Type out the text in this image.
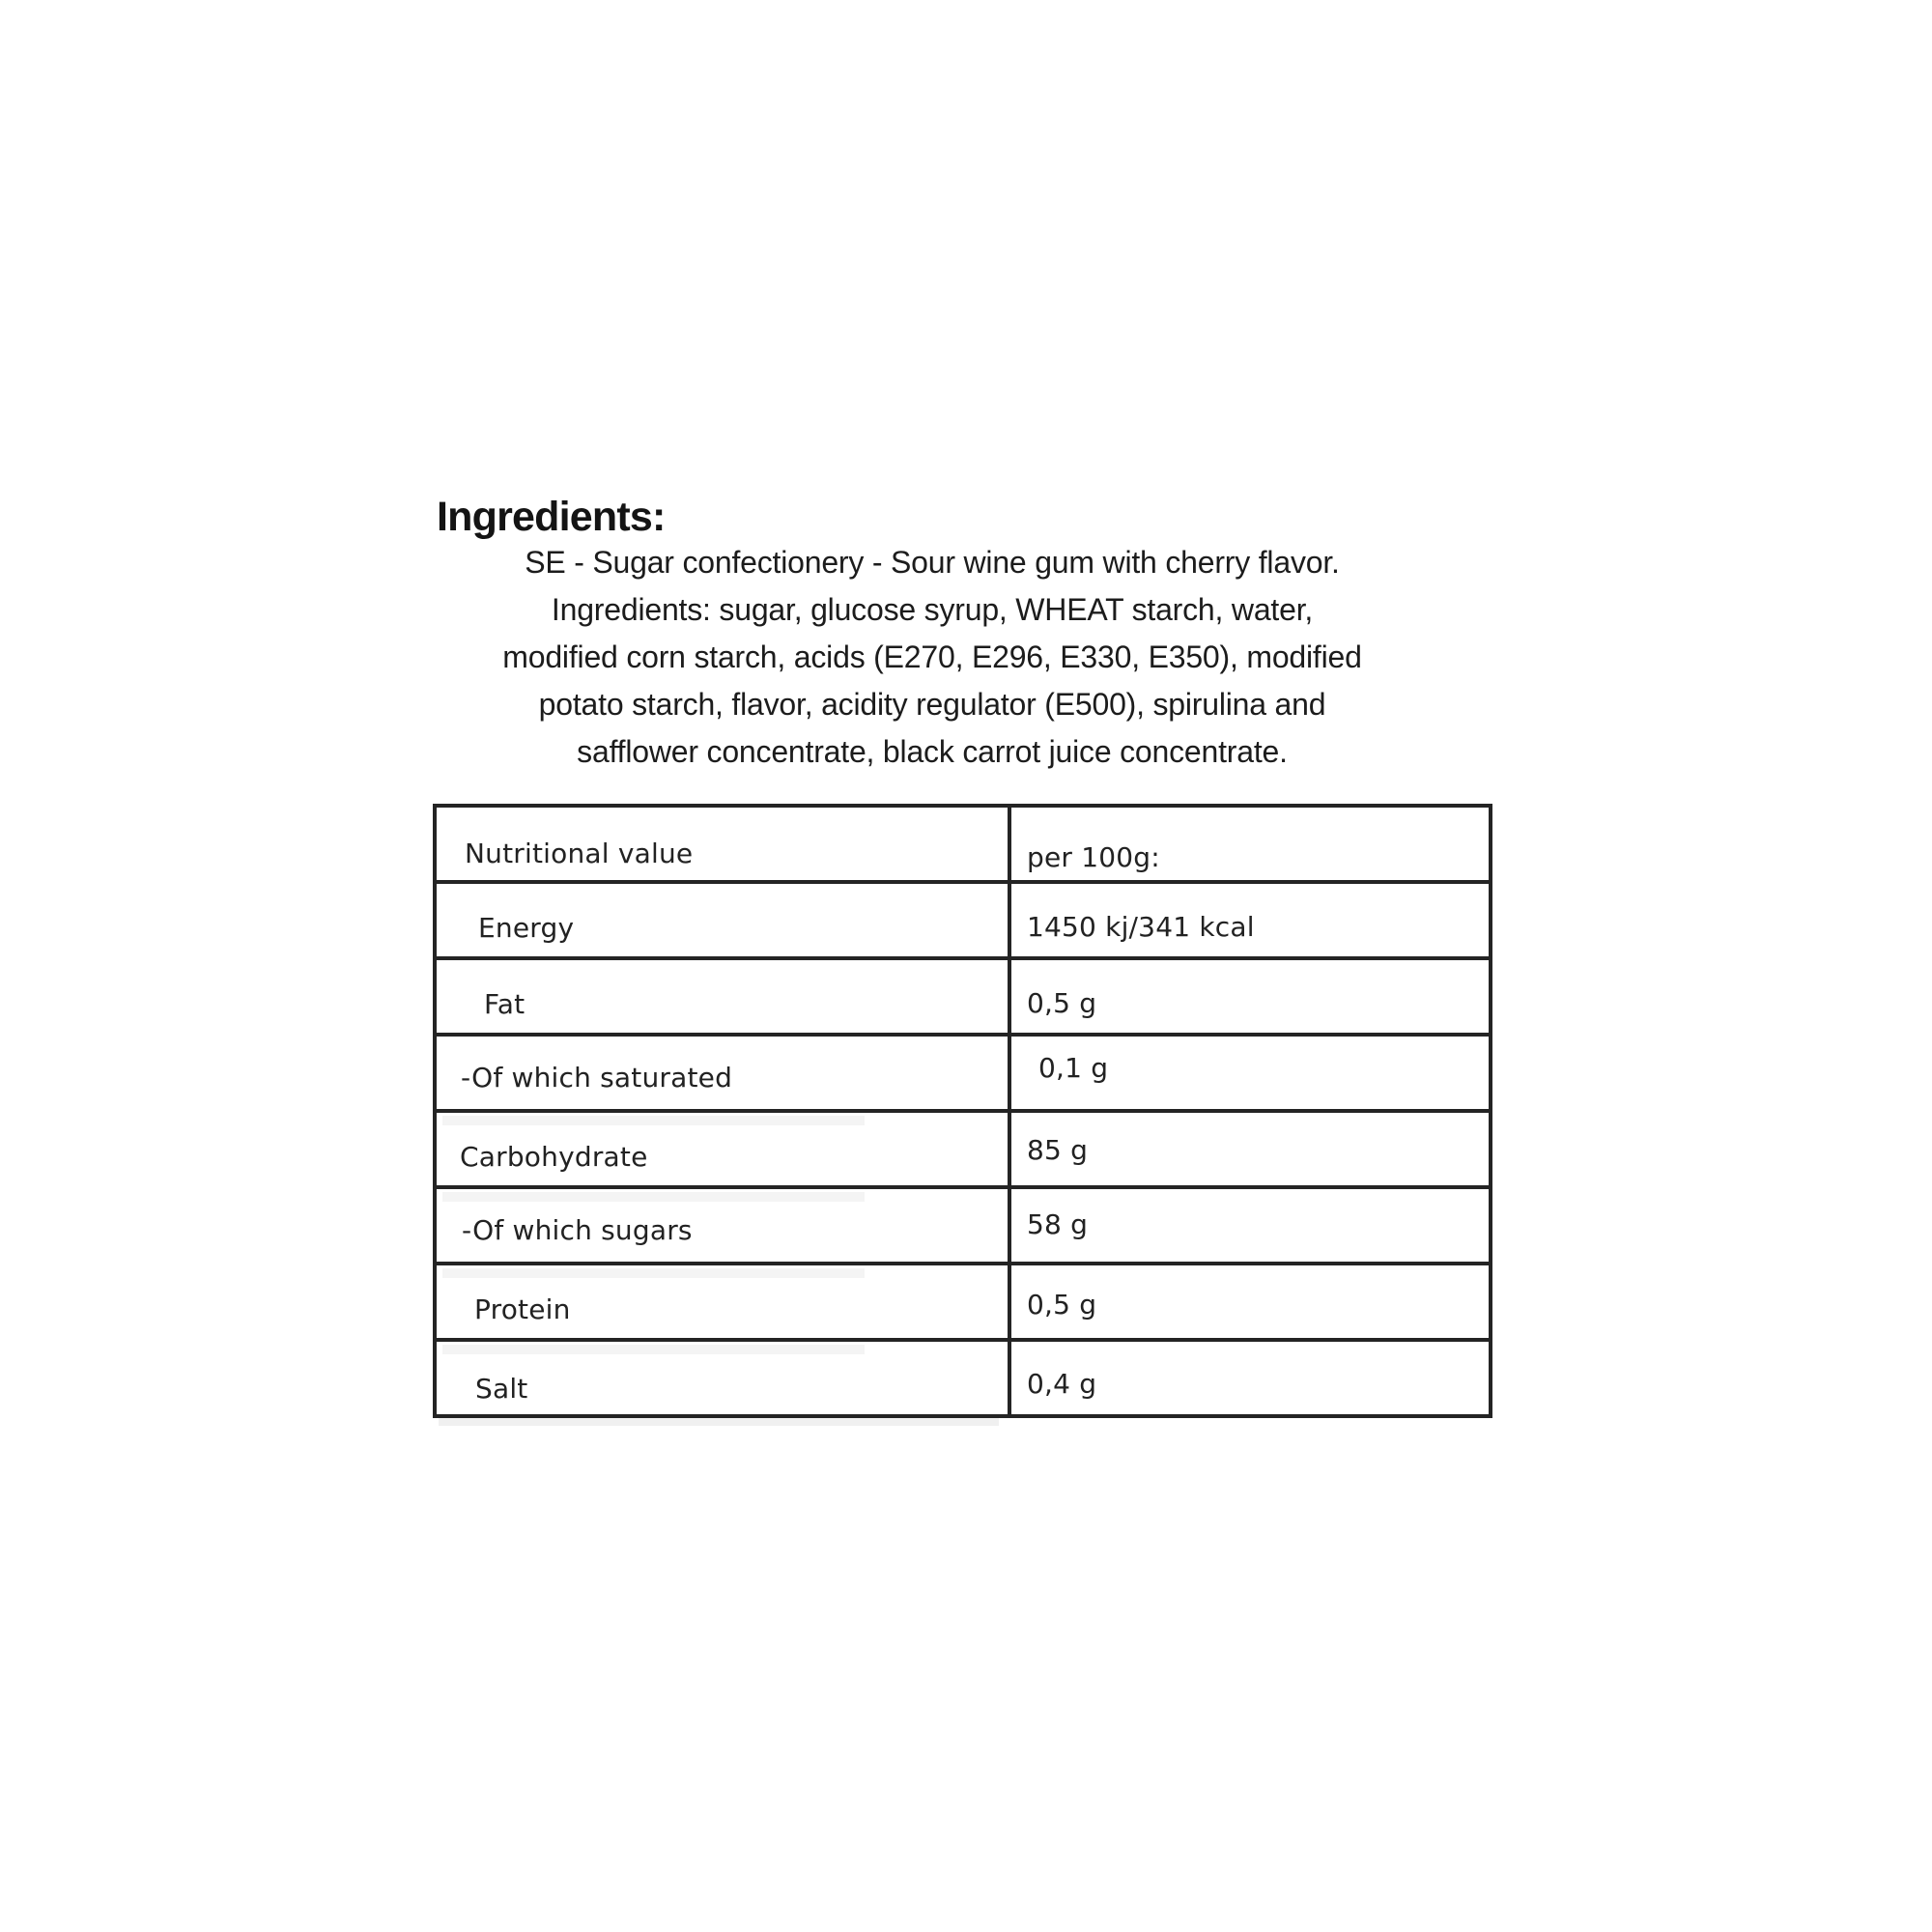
Ingredients:
SE - Sugar confectionery - Sour wine gum with cherry flavor.
Ingredients: sugar, glucose syrup, WHEAT starch, water,
modified corn starch, acids (E270, E296, E330, E350), modified
potato starch, flavor, acidity regulator (E500), spirulina and
safflower concentrate, black carrot juice concentrate.
Nutritional value	per 100g:
Energy	1450 kj/341 kcal
Fat	0,5 g
-Of which saturated	0,1 g
Carbohydrate	85 g
-Of which sugars	58 g
Protein	0,5 g
Salt	0,4 g
